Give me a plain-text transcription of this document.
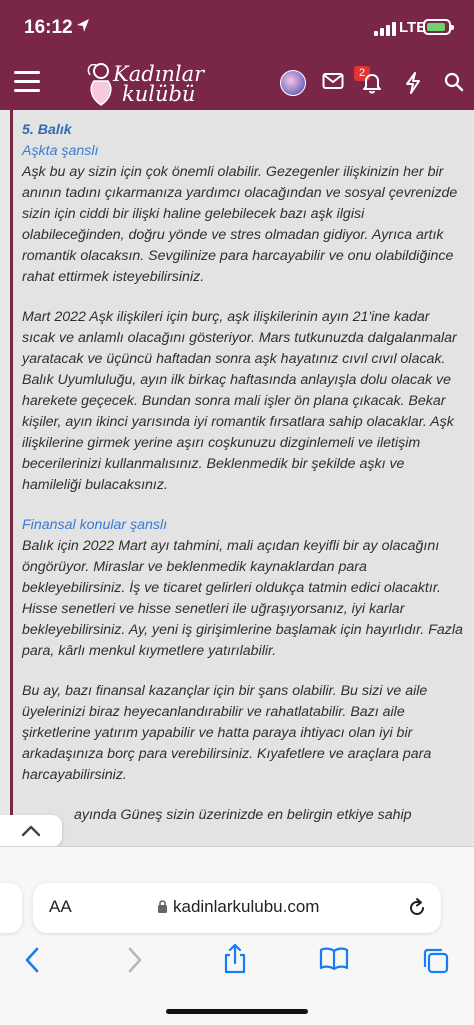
16:12	LTE
Kadınlar
kulübü
2
5. Balık
Aşkta şanslı

Aşk bu ay sizin için çok önemli olabilir. Gezegenler ilişkinizin her bir anının tadını çıkarmanıza yardımcı olacağından ve sosyal çevrenizde sizin için ciddi bir ilişki haline gelebilecek bazı aşk ilgisi olabileceğinden, doğru yönde ve stres olmadan gidiyor. Ayrıca artık romantik olacaksın. Sevgilinize para harcayabilir ve onu olabildiğince rahat ettirmek isteyebilirsiniz.

Mart 2022 Aşk ilişkileri için burç, aşk ilişkilerinin ayın 21'ine kadar sıcak ve anlamlı olacağını gösteriyor. Mars tutkunuzda dalgalanmalar yaratacak ve üçüncü haftadan sonra aşk hayatınız cıvıl cıvıl olacak. Balık Uyumluluğu, ayın ilk birkaç haftasında anlayışla dolu olacak ve harekete geçecek. Bundan sonra mali işler ön plana çıkacak. Bekar kişiler, ayın ikinci yarısında iyi romantik fırsatlara sahip olacaklar. Aşk ilişkilerine girmek yerine aşırı coşkunuzu dizginlemeli ve iletişim becerilerinizi kullanmalısınız. Beklenmedik bir şekilde aşkı ve hamileliği bulacaksınız.

Finansal konular şanslı

Balık için 2022 Mart ayı tahmini, mali açıdan keyifli bir ay olacağını öngörüyor. Miraslar ve beklenmedik kaynaklardan para bekleyebilirsiniz. İş ve ticaret gelirleri oldukça tatmin edici olacaktır. Hisse senetleri ve hisse senetleri ile uğraşıyorsanız, iyi karlar bekleyebilirsiniz. Ay, yeni iş girişimlerine başlamak için hayırlıdır. Fazla para, kârlı menkul kıymetlere yatırılabilir.

Bu ay, bazı finansal kazançlar için bir şans olabilir. Bu sizi ve aile üyelerinizi biraz heyecanlandırabilir ve rahatlatabilir. Bazı aile şirketlerine yatırım yapabilir ve hatta paraya ihtiyacı olan iyi bir arkadaşınıza borç para verebilirsiniz. Kıyafetlere ve araçlara para harcayabilirsiniz.

ayında Güneş sizin üzerinizde en belirgin etkiye sahip

AA	kadinlarkulubu.com
